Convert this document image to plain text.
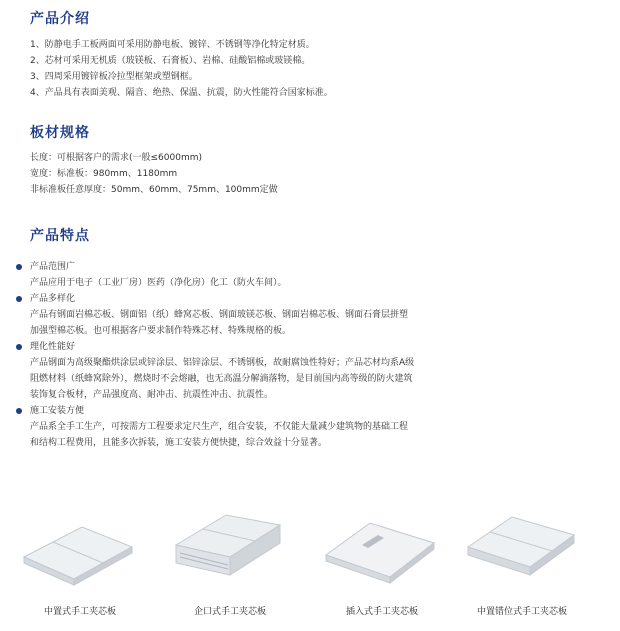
产品介绍

1、防静电手工板两面可采用防静电板、镀锌、不锈钢等净化特定材质。

2、芯材可采用无机质（玻镁板、石膏板）、岩棉、硅酸铝棉或玻镁棉。

3、四周采用镀锌板冷拉型框架或塑钢框。

4、产品具有表面美观、隔音、绝热、保温、抗震，防火性能符合国家标准。

板材规格

长度：可根据客户的需求(一般≤6000mm)

宽度：标准板：980mm、1180mm

非标准板任意厚度：50mm、60mm、75mm、100mm定做

产品特点

产品范围广

产品应用于电子（工业厂房）医药（净化房）化工（防火车间）。

产品多样化

产品有钢面岩棉芯板、钢面铝（纸）蜂窝芯板、钢面玻镁芯板、钢面岩棉芯板、钢面石膏层拼塑

加强型棉芯板。也可根据客户要求制作特殊芯材、特殊规格的板。

理化性能好

产品钢面为高级聚酯烘涂层或锌涂层、铝锌涂层、不锈钢板，故耐腐蚀性特好；产品芯材均系A级

阻燃材料（纸蜂窝除外），燃烧时不会熔融，也无高温分解滴落物，是目前国内高等级的防火建筑

装饰复合板材，产品强度高、耐冲击、抗震性冲击、抗震性。

施工安装方便

产品系全手工生产，可按需方工程要求定尺生产，组合安装，不仅能大量减少建筑物的基础工程

和结构工程费用，且能多次拆装，施工安装方便快捷，综合效益十分显著。

中置式手工夹芯板	企口式手工夹芯板	插入式手工夹芯板	中置错位式手工夹芯板
